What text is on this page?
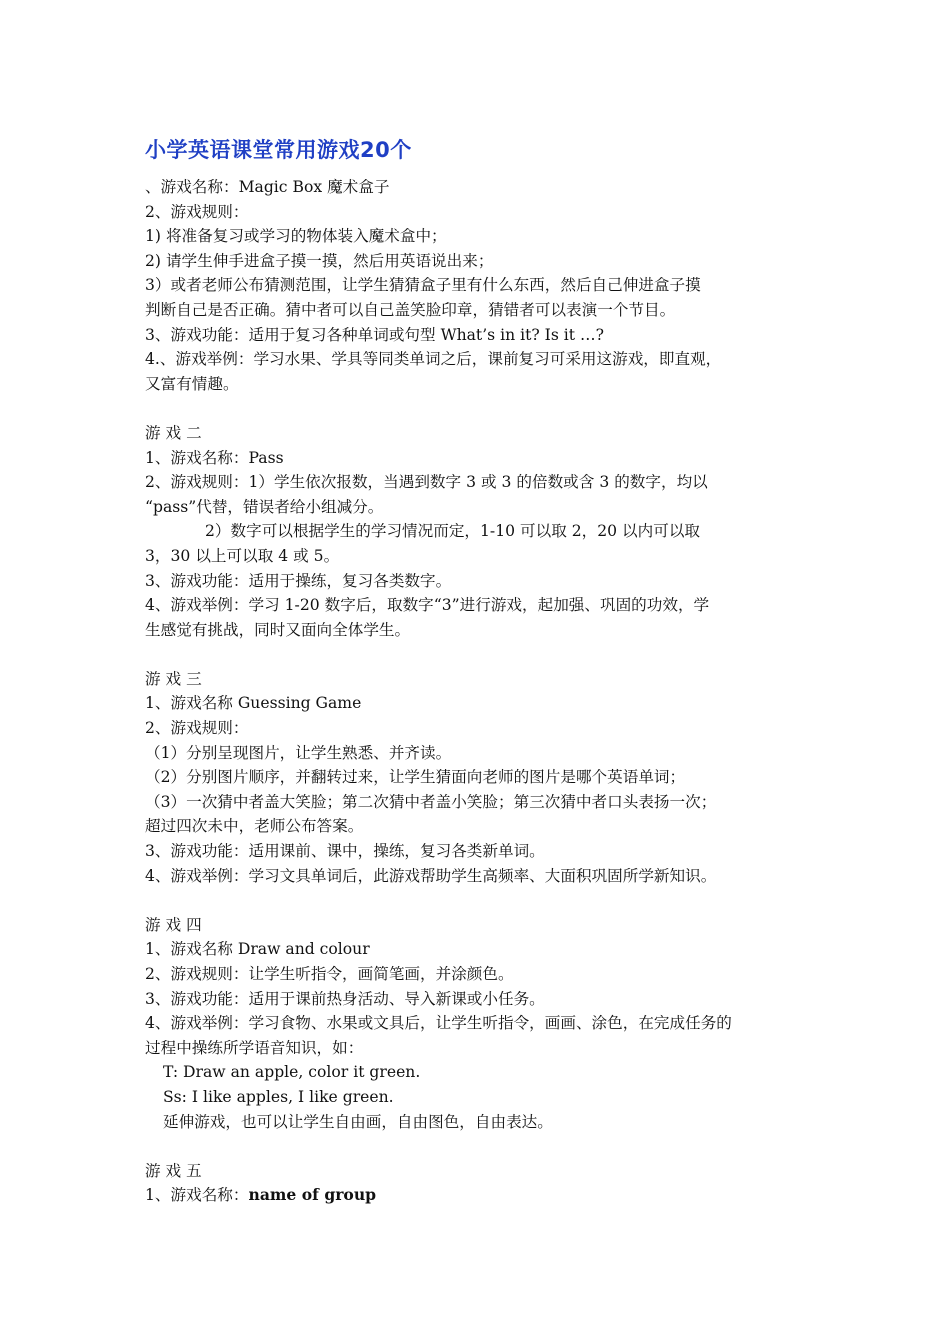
小学英语课堂常用游戏20个
、游戏名称：Magic Box 魔术盒子
2、游戏规则：
1) 将准备复习或学习的物体装入魔术盒中；
2) 请学生伸手进盒子摸一摸，然后用英语说出来；
3）或者老师公布猜测范围，让学生猜猜盒子里有什么东西，然后自己伸进盒子摸
判断自己是否正确。猜中者可以自己盖笑脸印章，猜错者可以表演一个节目。
3、游戏功能：适用于复习各种单词或句型 What’s in it? Is it …?
4.、游戏举例：学习水果、学具等同类单词之后，课前复习可采用这游戏，即直观，
又富有情趣。
游 戏 二
1、游戏名称：Pass
2、游戏规则：1）学生依次报数，当遇到数字 3 或 3 的倍数或含 3 的数字，均以
“pass”代替，错误者给小组减分。
2）数字可以根据学生的学习情况而定，1-10 可以取 2，20 以内可以取
3，30 以上可以取 4 或 5。
3、游戏功能：适用于操练，复习各类数字。
4、游戏举例：学习 1-20 数字后，取数字“3”进行游戏，起加强、巩固的功效，学
生感觉有挑战，同时又面向全体学生。
游 戏 三
1、游戏名称 Guessing Game
2、游戏规则：
（1）分别呈现图片，让学生熟悉、并齐读。
（2）分别图片顺序，并翻转过来，让学生猜面向老师的图片是哪个英语单词；
（3）一次猜中者盖大笑脸；第二次猜中者盖小笑脸；第三次猜中者口头表扬一次；
超过四次未中，老师公布答案。
3、游戏功能：适用课前、课中，操练，复习各类新单词。
4、游戏举例：学习文具单词后，此游戏帮助学生高频率、大面积巩固所学新知识。
游 戏 四
1、游戏名称 Draw and colour
2、游戏规则：让学生听指令，画简笔画，并涂颜色。
3、游戏功能：适用于课前热身活动、导入新课或小任务。
4、游戏举例：学习食物、水果或文具后，让学生听指令，画画、涂色，在完成任务的
过程中操练所学语音知识，如：
T: Draw an apple, color it green.
Ss: I like apples, I like green.
延伸游戏，也可以让学生自由画，自由图色，自由表达。
游 戏 五
1、游戏名称：name of group
